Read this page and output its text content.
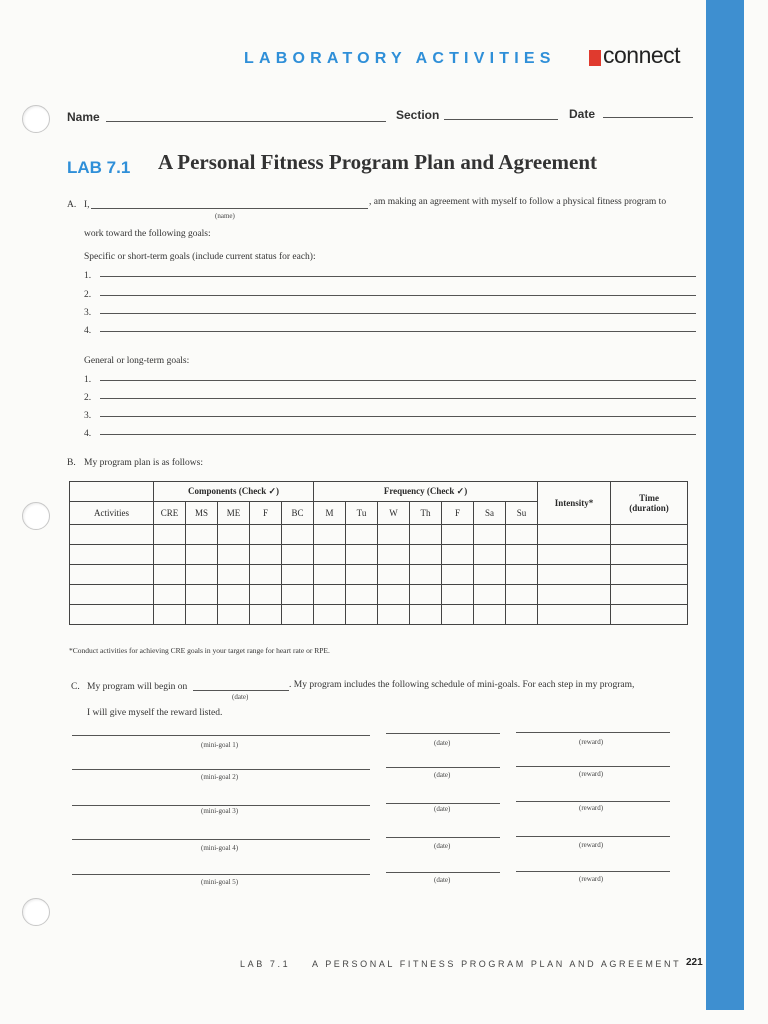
LABORATORY ACTIVITIES connect
Name	Section	Date
LAB 7.1 A Personal Fitness Program Plan and Agreement
A. I,	, am making an agreement with myself to follow a physical fitness program to
(name)
work toward the following goals:
Specific or short-term goals (include current status for each):
1.
2.
3.
4.
General or long-term goals:
1.
2.
3.
4.
B. My program plan is as follows:
	Components (Check ✓)					Frequency (Check ✓)							Intensity*	Time
(duration)

Activities	CRE	MS	ME	F	BC	M	Tu	W	Th	F	Sa	Su		

*Conduct activities for achieving CRE goals in your target range for heart rate or RPE.
C. My program will begin on	. My program includes the following schedule of mini-goals. For each step in my program,
(date)
I will give myself the reward listed.
(mini-goal 1)	(date)	(reward)
(mini-goal 2)	(date)	(reward)
(mini-goal 3)	(date)	(reward)
(mini-goal 4)	(date)	(reward)
(mini-goal 5)	(date)	(reward)
LAB 7.1 A PERSONAL FITNESS PROGRAM PLAN AND AGREEMENT 221
